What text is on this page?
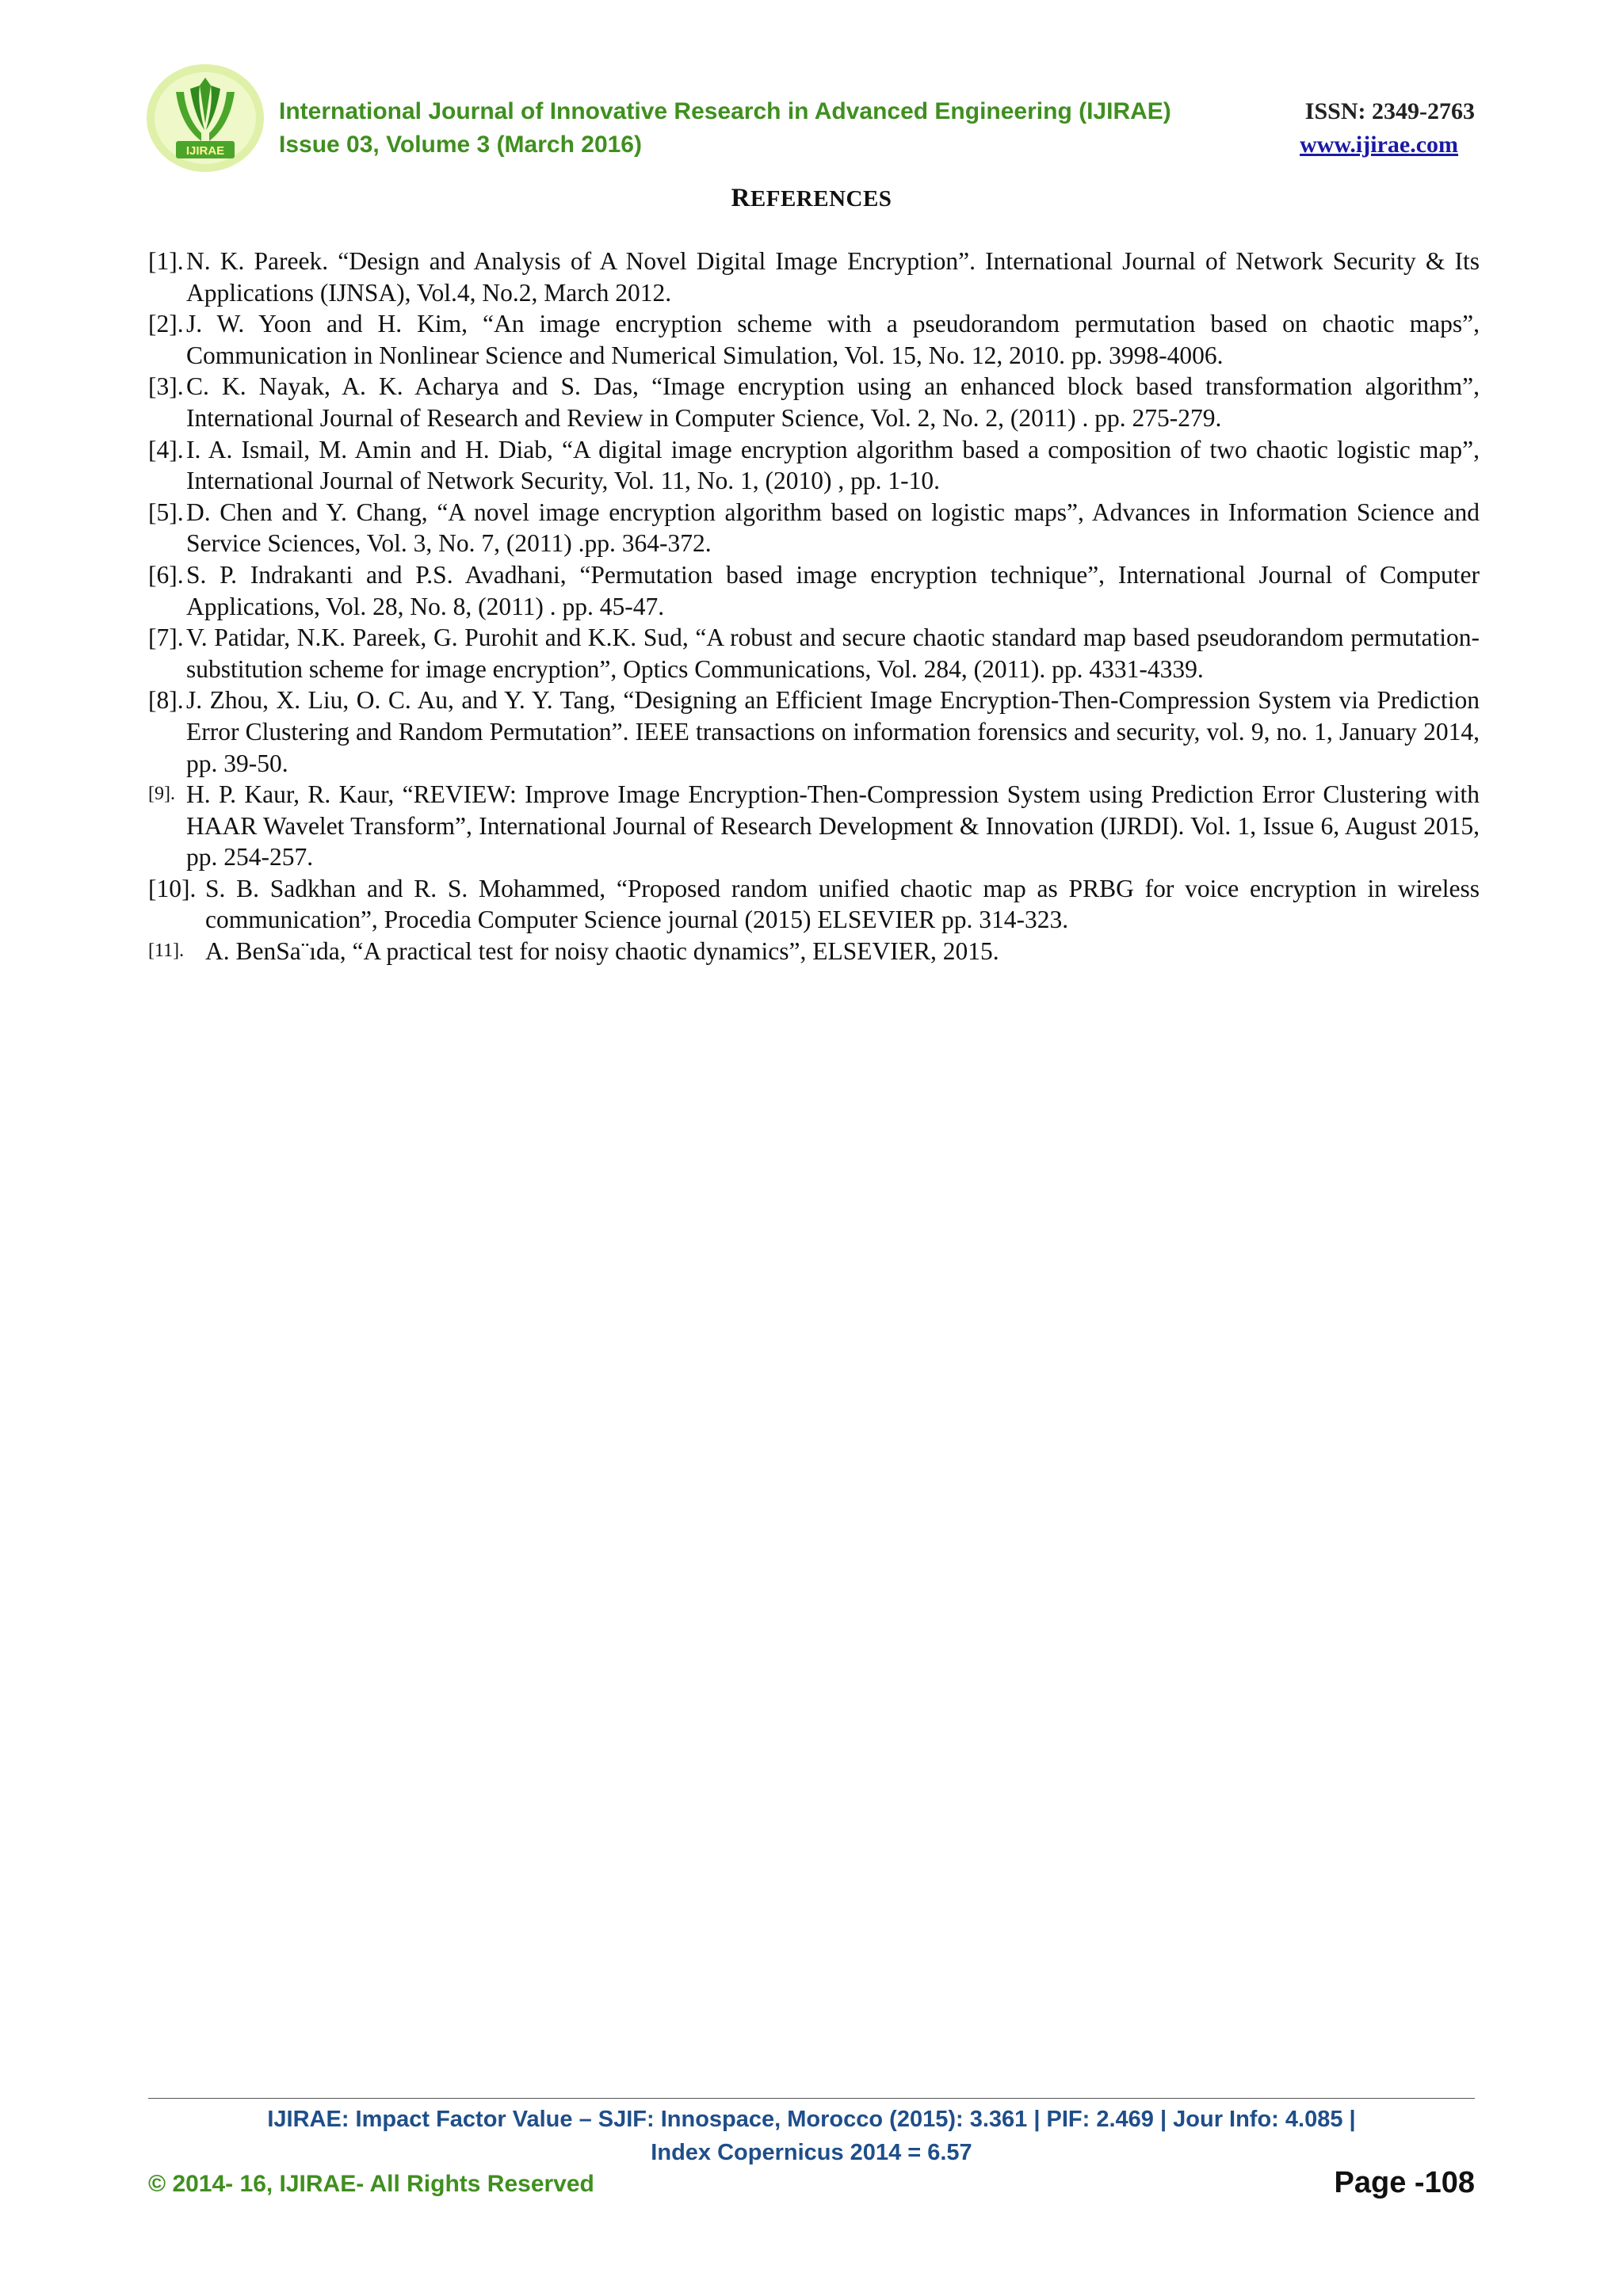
IJIRAE
International Journal of Innovative Research in Advanced Engineering (IJIRAE)	ISSN: 2349-2763
Issue 03, Volume 3 (March 2016)	www.ijirae.com
REFERENCES
[1]. N. K. Pareek. “Design and Analysis of A Novel Digital Image Encryption”. International Journal of Network Security & Its Applications (IJNSA), Vol.4, No.2, March 2012.
[2]. J. W. Yoon and H. Kim, “An image encryption scheme with a pseudorandom permutation based on chaotic maps”, Communication in Nonlinear Science and Numerical Simulation, Vol. 15, No. 12, 2010. pp. 3998-4006.
[3]. C. K. Nayak, A. K. Acharya and S. Das, “Image encryption using an enhanced block based transformation algorithm”, International Journal of Research and Review in Computer Science, Vol. 2, No. 2, (2011) . pp. 275-279.
[4]. I. A. Ismail, M. Amin and H. Diab, “A digital image encryption algorithm based a composition of two chaotic logistic map”, International Journal of Network Security, Vol. 11, No. 1, (2010) , pp. 1-10.
[5]. D. Chen and Y. Chang, “A novel image encryption algorithm based on logistic maps”, Advances in Information Science and Service Sciences, Vol. 3, No. 7, (2011) .pp. 364-372.
[6]. S. P. Indrakanti and P.S. Avadhani, “Permutation based image encryption technique”, International Journal of Computer Applications, Vol. 28, No. 8, (2011) . pp. 45-47.
[7]. V. Patidar, N.K. Pareek, G. Purohit and K.K. Sud, “A robust and secure chaotic standard map based pseudorandom permutation-substitution scheme for image encryption”, Optics Communications, Vol. 284, (2011). pp. 4331-4339.
[8]. J. Zhou, X. Liu, O. C. Au, and Y. Y. Tang, “Designing an Efficient Image Encryption-Then-Compression System via Prediction Error Clustering and Random Permutation”. IEEE transactions on information forensics and security, vol. 9, no. 1, January 2014, pp. 39-50.
[9]. H. P. Kaur, R. Kaur, “REVIEW: Improve Image Encryption-Then-Compression System using Prediction Error Clustering with HAAR Wavelet Transform”, International Journal of Research Development & Innovation (IJRDI). Vol. 1, Issue 6, August 2015, pp. 254-257.
[10]. S. B. Sadkhan and R. S. Mohammed, “Proposed random unified chaotic map as PRBG for voice encryption in wireless communication”, Procedia Computer Science journal (2015) ELSEVIER pp. 314-323.
[11]. A. BenSa¨ıda, “A practical test for noisy chaotic dynamics”, ELSEVIER, 2015.
IJIRAE: Impact Factor Value – SJIF: Innospace, Morocco (2015): 3.361 | PIF: 2.469 | Jour Info: 4.085 |
Index Copernicus 2014 = 6.57
© 2014- 16, IJIRAE- All Rights Reserved	Page -108
